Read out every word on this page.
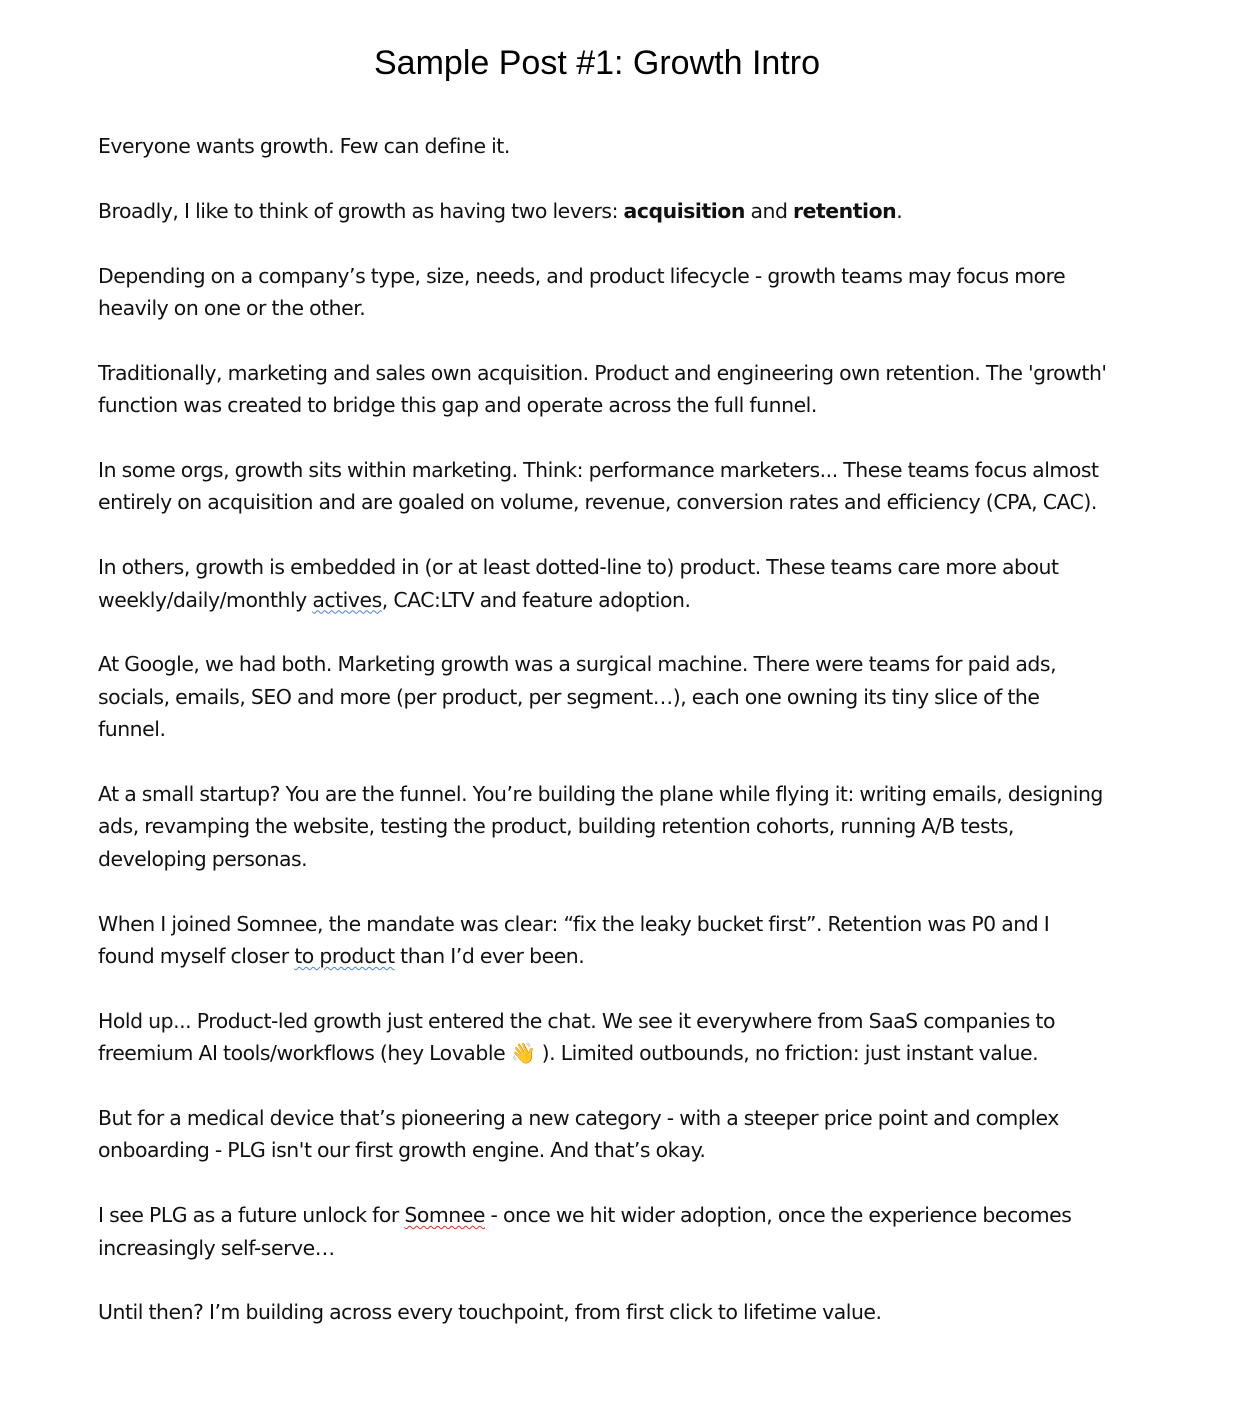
Sample Post #1: Growth Intro

Everyone wants growth. Few can define it.

Broadly, I like to think of growth as having two levers: acquisition and retention.

Depending on a company’s type, size, needs, and product lifecycle - growth teams may focus more heavily on one or the other.

Traditionally, marketing and sales own acquisition. Product and engineering own retention. The 'growth' function was created to bridge this gap and operate across the full funnel.

In some orgs, growth sits within marketing. Think: performance marketers... These teams focus almost entirely on acquisition and are goaled on volume, revenue, conversion rates and efficiency (CPA, CAC).

In others, growth is embedded in (or at least dotted-line to) product. These teams care more about weekly/daily/monthly actives, CAC:LTV and feature adoption.

At Google, we had both. Marketing growth was a surgical machine. There were teams for paid ads, socials, emails, SEO and more (per product, per segment…), each one owning its tiny slice of the funnel.

At a small startup? You are the funnel. You’re building the plane while flying it: writing emails, designing ads, revamping the website, testing the product, building retention cohorts, running A/B tests, developing personas.

When I joined Somnee, the mandate was clear: “fix the leaky bucket first”. Retention was P0 and I found myself closer to product than I’d ever been.

Hold up... Product-led growth just entered the chat. We see it everywhere from SaaS companies to freemium AI tools/workflows (hey Lovable 👋 ). Limited outbounds, no friction: just instant value.

But for a medical device that’s pioneering a new category - with a steeper price point and complex onboarding - PLG isn't our first growth engine. And that’s okay.

I see PLG as a future unlock for Somnee - once we hit wider adoption, once the experience becomes increasingly self-serve…

Until then? I’m building across every touchpoint, from first click to lifetime value.
